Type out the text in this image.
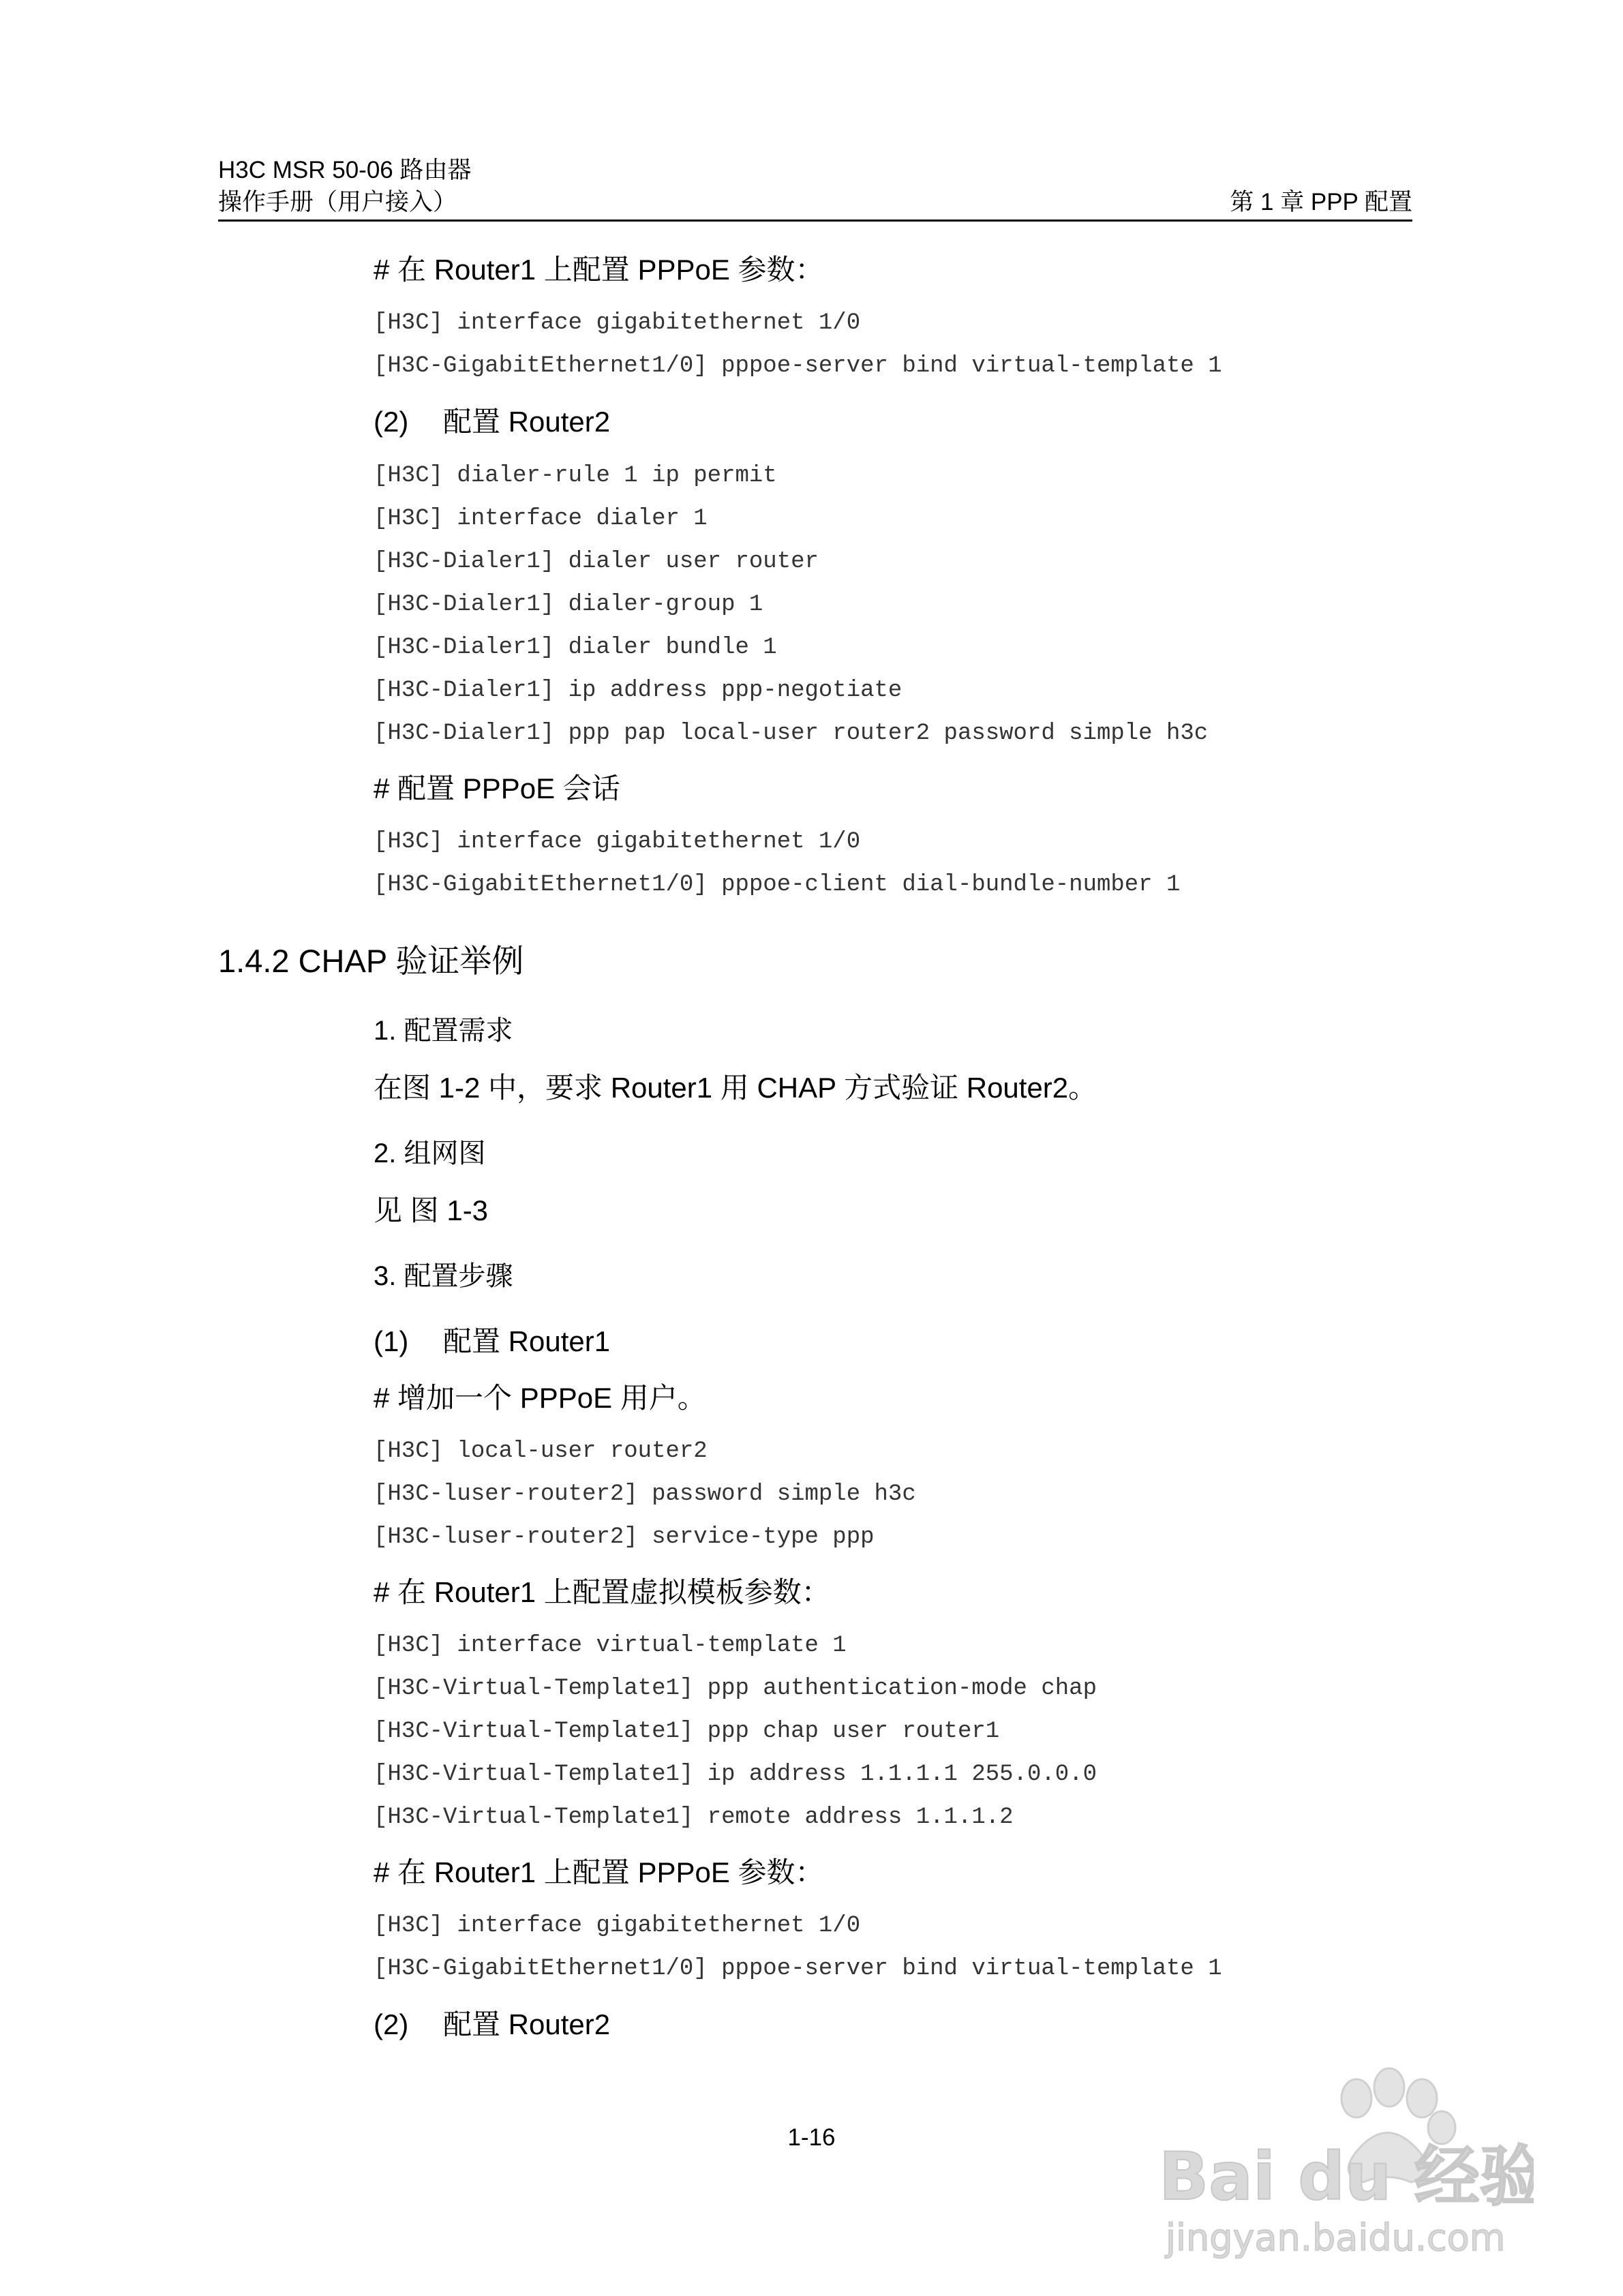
H3C MSR 50-06 路由器
操作手册（用户接入）	第 1 章 PPP 配置

# 在 Router1 上配置 PPPoE 参数：

[H3C] interface gigabitethernet 1/0
[H3C-GigabitEthernet1/0] pppoe-server bind virtual-template 1

(2) 配置 Router2

[H3C] dialer-rule 1 ip permit
[H3C] interface dialer 1
[H3C-Dialer1] dialer user router
[H3C-Dialer1] dialer-group 1
[H3C-Dialer1] dialer bundle 1
[H3C-Dialer1] ip address ppp-negotiate
[H3C-Dialer1] ppp pap local-user router2 password simple h3c

# 配置 PPPoE 会话

[H3C] interface gigabitethernet 1/0
[H3C-GigabitEthernet1/0] pppoe-client dial-bundle-number 1
1.4.2 CHAP 验证举例

1. 配置需求

在图 1-2 中，要求 Router1 用 CHAP 方式验证 Router2。

2. 组网图

见 图 1-3

3. 配置步骤

(1) 配置 Router1

# 增加一个 PPPoE 用户。

[H3C] local-user router2
[H3C-luser-router2] password simple h3c
[H3C-luser-router2] service-type ppp

# 在 Router1 上配置虚拟模板参数：

[H3C] interface virtual-template 1
[H3C-Virtual-Template1] ppp authentication-mode chap
[H3C-Virtual-Template1] ppp chap user router1
[H3C-Virtual-Template1] ip address 1.1.1.1 255.0.0.0
[H3C-Virtual-Template1] remote address 1.1.1.2

# 在 Router1 上配置 PPPoE 参数：

[H3C] interface gigabitethernet 1/0
[H3C-GigabitEthernet1/0] pppoe-server bind virtual-template 1

(2) 配置 Router2

1-16
Bai du 经验
jingyan.baidu.com
